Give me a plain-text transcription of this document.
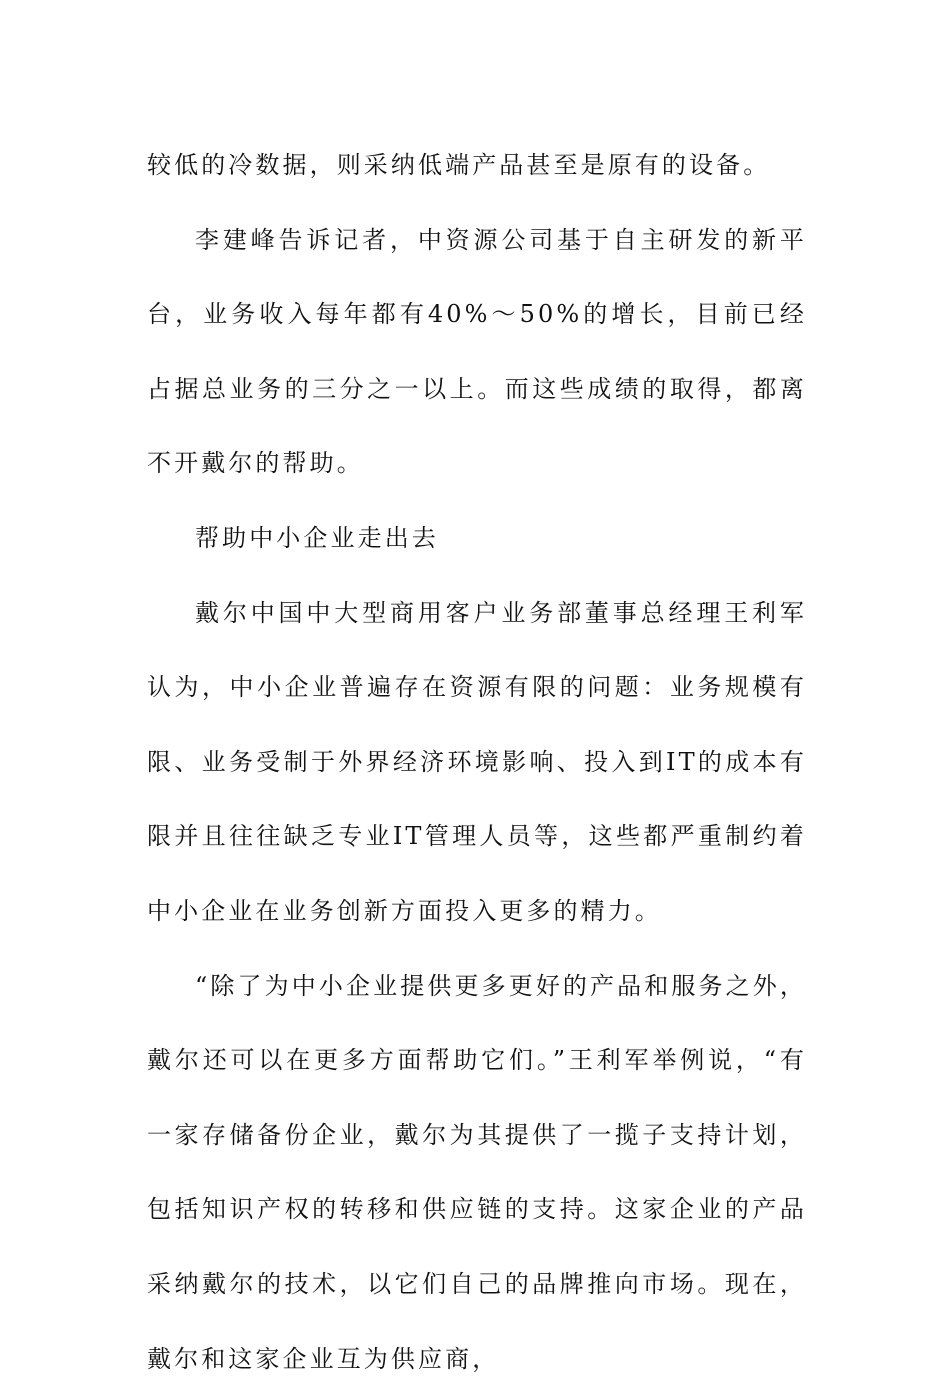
较低的冷数据，则采纳低端产品甚至是原有的设备。

李建峰告诉记者，中资源公司基于自主研发的新平台，业务收入每年都有40%～50%的增长，目前已经占据总业务的三分之一以上。而这些成绩的取得，都离不开戴尔的帮助。

帮助中小企业走出去

戴尔中国中大型商用客户业务部董事总经理王利军认为，中小企业普遍存在资源有限的问题：业务规模有限、业务受制于外界经济环境影响、投入到IT的成本有限并且往往缺乏专业IT管理人员等，这些都严重制约着中小企业在业务创新方面投入更多的精力。

“除了为中小企业提供更多更好的产品和服务之外，戴尔还可以在更多方面帮助它们。”王利军举例说，“有一家存储备份企业，戴尔为其提供了一揽子支持计划，包括知识产权的转移和供应链的支持。这家企业的产品采纳戴尔的技术，以它们自己的品牌推向市场。现在，戴尔和这家企业互为供应商，
